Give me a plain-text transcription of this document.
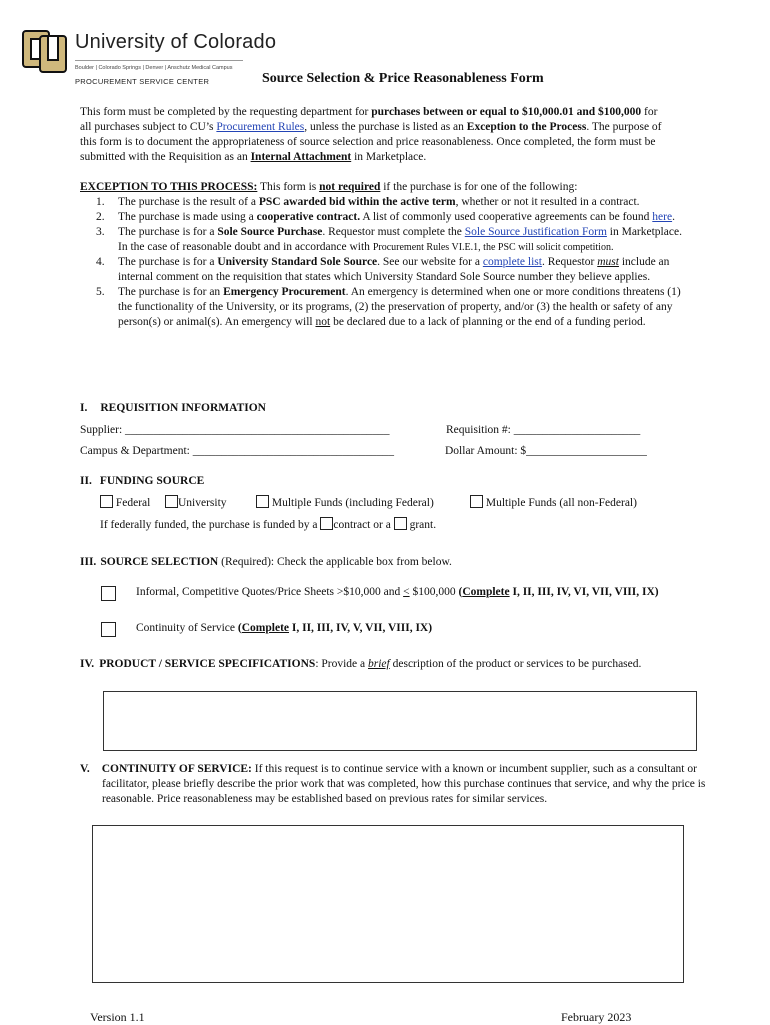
University of Colorado
Boulder | Colorado Springs | Denver | Anschutz Medical Campus
PROCUREMENT SERVICE CENTER	Source Selection & Price Reasonableness Form
This form must be completed by the requesting department for purchases between or equal to $10,000.01 and $100,000 for all purchases subject to CU’s Procurement Rules, unless the purchase is listed as an Exception to the Process. The purpose of this form is to document the appropriateness of source selection and price reasonableness. Once completed, the form must be submitted with the Requisition as an Internal Attachment in Marketplace.
EXCEPTION TO THIS PROCESS: This form is not required if the purchase is for one of the following:
1. The purchase is the result of a PSC awarded bid within the active term, whether or not it resulted in a contract.
2. The purchase is made using a cooperative contract. A list of commonly used cooperative agreements can be found here.
3. The purchase is for a Sole Source Purchase. Requestor must complete the Sole Source Justification Form in Marketplace. In the case of reasonable doubt and in accordance with Procurement Rules VI.E.1, the PSC will solicit competition.
4. The purchase is for a University Standard Sole Source. See our website for a complete list. Requestor must include an internal comment on the requisition that states which University Standard Sole Source number they believe applies.
5. The purchase is for an Emergency Procurement. An emergency is determined when one or more conditions threatens (1) the functionality of the University, or its programs, (2) the preservation of property, and/or (3) the health or safety of any person(s) or animal(s). An emergency will not be declared due to a lack of planning or the end of a funding period.
I. REQUISITION INFORMATION
Supplier: ______________________________________________	Requisition #: ______________________
Campus & Department: ___________________________________	Dollar Amount: $_____________________
II. FUNDING SOURCE
Federal	University	Multiple Funds (including Federal)	Multiple Funds (all non-Federal)
If federally funded, the purchase is funded by a contract or a grant.
III. SOURCE SELECTION (Required): Check the applicable box from below.
Informal, Competitive Quotes/Price Sheets >$10,000 and ≤ $100,000 (Complete I, II, III, IV, VI, VII, VIII, IX)
Continuity of Service (Complete I, II, III, IV, V, VII, VIII, IX)
IV. PRODUCT / SERVICE SPECIFICATIONS: Provide a brief description of the product or services to be purchased.
V. CONTINUITY OF SERVICE: If this request is to continue service with a known or incumbent supplier, such as a consultant or facilitator, please briefly describe the prior work that was completed, how this purchase continues that service, and why the price is reasonable. Price reasonableness may be established based on previous rates for similar services.
Version 1.1	February 2023
